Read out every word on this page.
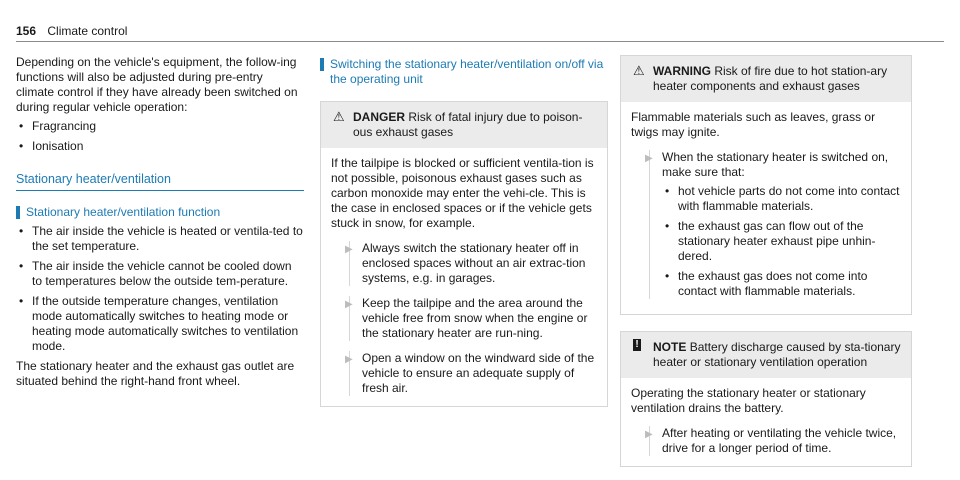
156 Climate control

Depending on the vehicle's equipment, the follow-ing functions will also be adjusted during pre-entry climate control if they have already been switched on during regular vehicle operation:

• Fragrancing
• Ionisation
Stationary heater/ventilation
Stationary heater/ventilation function
• The air inside the vehicle is heated or ventila-ted to the set temperature.
• The air inside the vehicle cannot be cooled down to temperatures below the outside tem-perature.
• If the outside temperature changes, ventilation mode automatically switches to heating mode or heating mode automatically switches to ventilation mode.

The stationary heater and the exhaust gas outlet are situated behind the right-hand front wheel.

Switching the stationary heater/ventilation on/off via the operating unit
⚠ DANGER Risk of fatal injury due to poison-ous exhaust gases

If the tailpipe is blocked or sufficient ventila-tion is not possible, poisonous exhaust gases such as carbon monoxide may enter the vehi-cle. This is the case in enclosed spaces or if the vehicle gets stuck in snow, for example.

▶ Always switch the stationary heater off in enclosed spaces without an air extrac-tion systems, e.g. in garages.
▶ Keep the tailpipe and the area around the vehicle free from snow when the engine or the stationary heater are run-ning.
▶ Open a window on the windward side of the vehicle to ensure an adequate supply of fresh air.
⚠ WARNING Risk of fire due to hot station-ary heater components and exhaust gases

Flammable materials such as leaves, grass or twigs may ignite.

▶ When the stationary heater is switched on, make sure that:
• hot vehicle parts do not come into contact with flammable materials.
• the exhaust gas can flow out of the stationary heater exhaust pipe unhin-dered.
• the exhaust gas does not come into contact with flammable materials.
! NOTE Battery discharge caused by sta-tionary heater or stationary ventilation operation

Operating the stationary heater or stationary ventilation drains the battery.

▶ After heating or ventilating the vehicle twice, drive for a longer period of time.
